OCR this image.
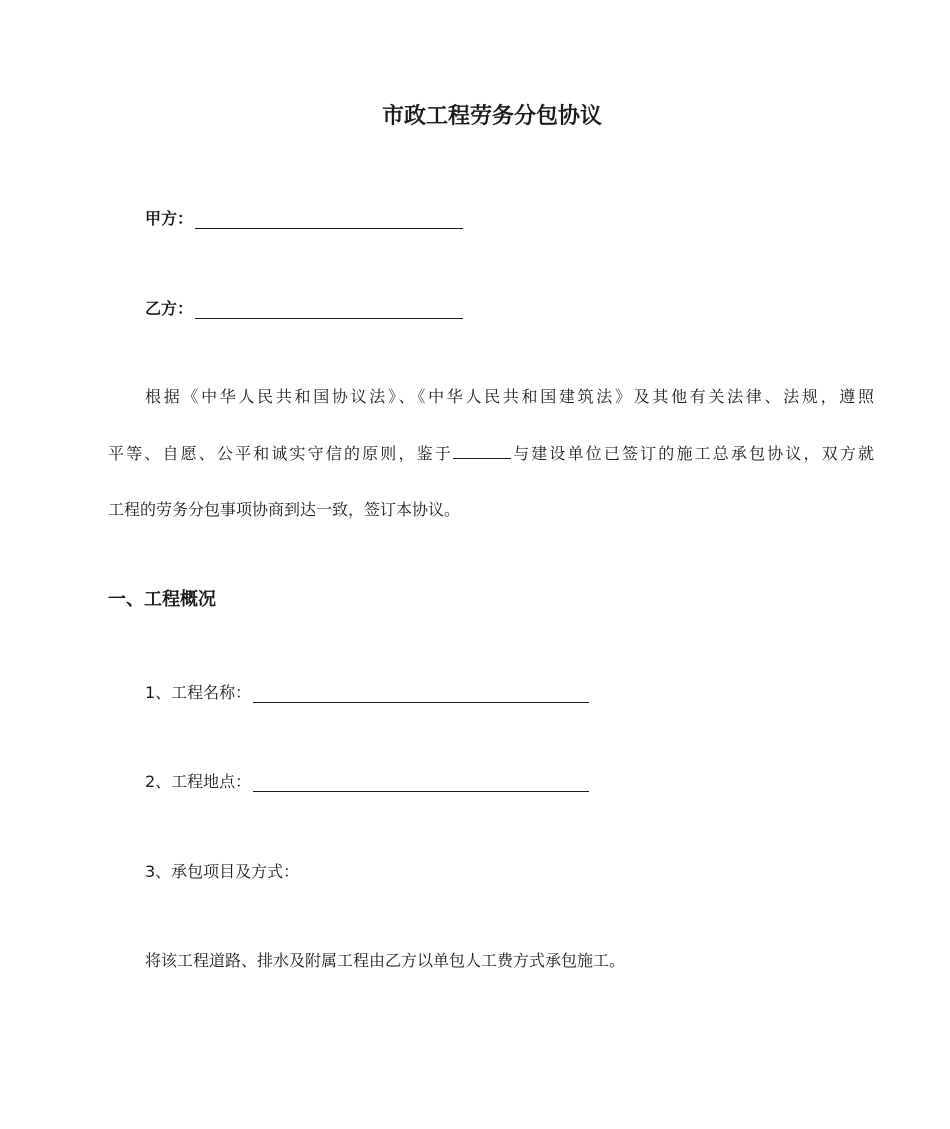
市政工程劳务分包协议
甲方：
乙方：
根据《中华人民共和国协议法》、《中华人民共和国建筑法》及其他有关法律、法规，遵照
平等、自愿、公平和诚实守信的原则，鉴于	与建设单位已签订的施工总承包协议，双方就
工程的劳务分包事项协商到达一致，签订本协议。
一、工程概况
1、工程名称：
2、工程地点：
3、承包项目及方式：
将该工程道路、排水及附属工程由乙方以单包人工费方式承包施工。
